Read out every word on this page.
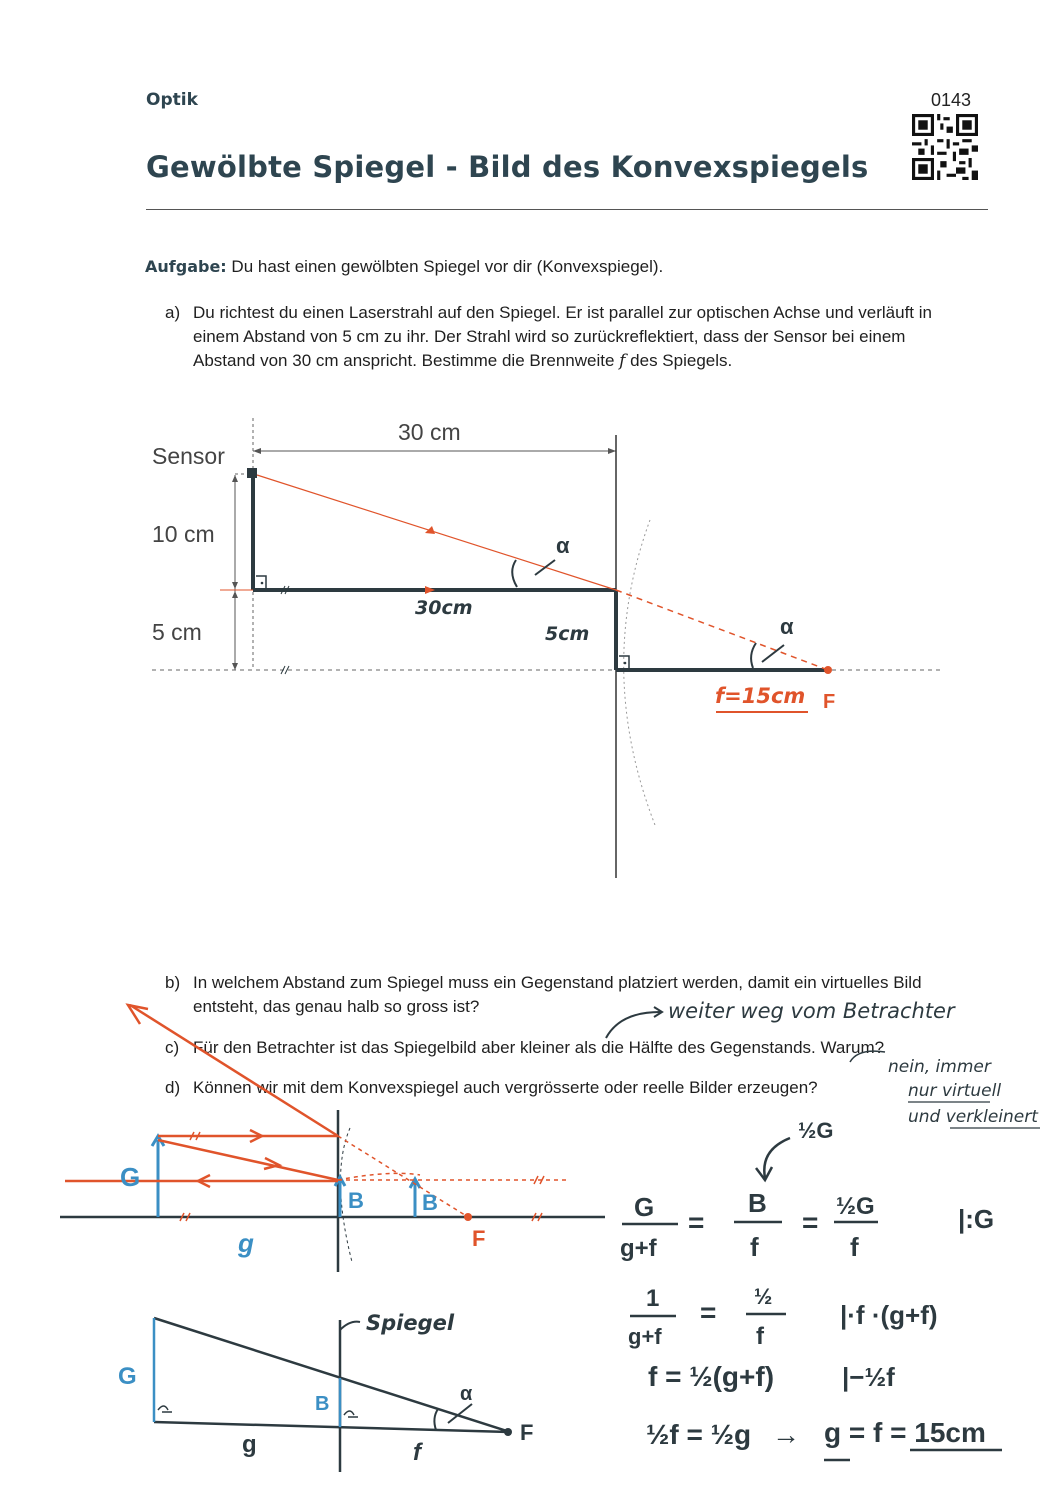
Optik	0143
Gewölbte Spiegel - Bild des Konvexspiegels
Aufgabe: Du hast einen gewölbten Spiegel vor dir (Konvexspiegel).
a) Du richtest du einen Laserstrahl auf den Spiegel. Er ist parallel zur optischen Achse und verläuft in einem Abstand von 5 cm zu ihr. Der Strahl wird so zurückreflektiert, dass der Sensor bei einem Abstand von 30 cm anspricht. Bestimme die Brennweite f des Spiegels.
Sensor
30 cm
10 cm
5 cm
30cm
5cm
α
α
f=15cm F
b) In welchem Abstand zum Spiegel muss ein Gegenstand platziert werden, damit ein virtuelles Bild entsteht, das genau halb so gross ist?
c) Für den Betrachter ist das Spiegelbild aber kleiner als die Hälfte des Gegenstands. Warum?
d) Können wir mit dem Konvexspiegel auch vergrösserte oder reelle Bilder erzeugen?
weiter weg vom Betrachter
nein, immer
nur virtuell
und verkleinert
G
g
B	B
F
Spiegel
G
B
g	f
α
F
½G
G
g+f
=
B
f
=
½G
f
|:G
1
g+f
=
½
f
|·f ·(g+f)
f = ½(g+f)	|−½f
½f = ½g → g = f = 15cm
